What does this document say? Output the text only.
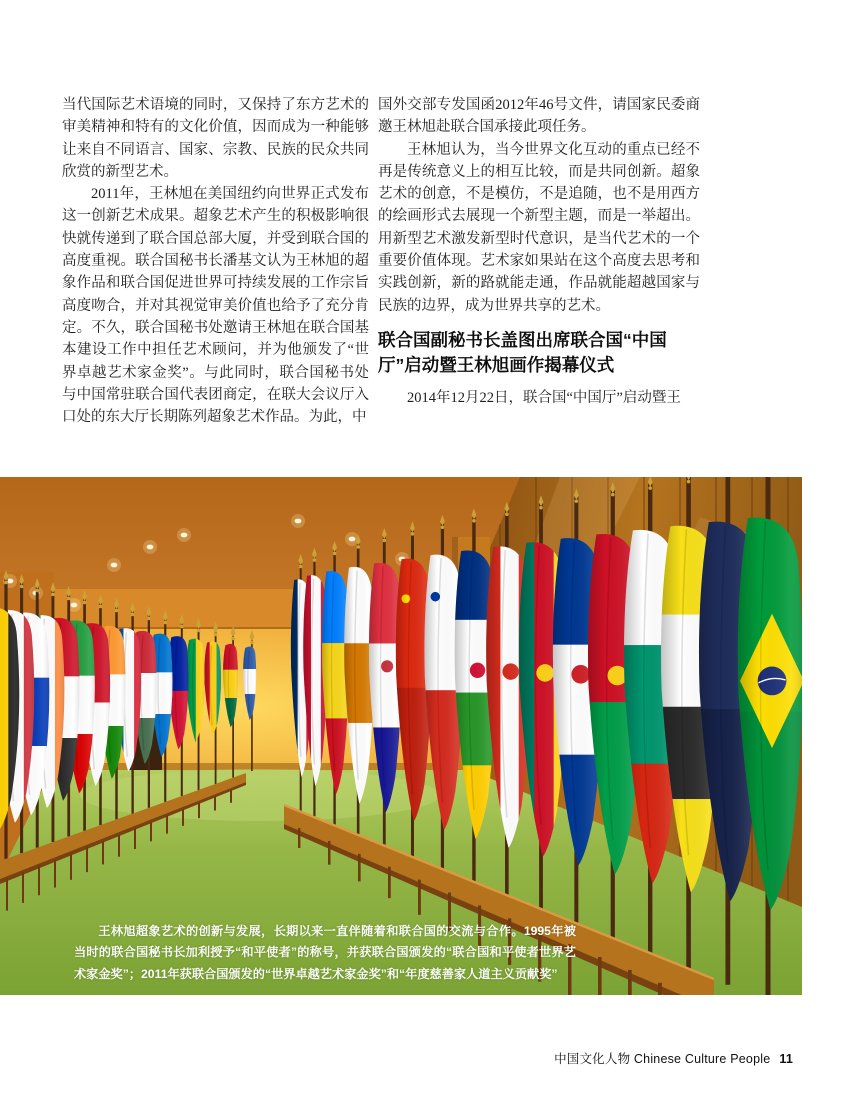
当代国际艺术语境的同时，又保持了东方艺术的审美精神和特有的文化价值，因而成为一种能够让来自不同语言、国家、宗教、民族的民众共同欣赏的新型艺术。

2011年，王林旭在美国纽约向世界正式发布这一创新艺术成果。超象艺术产生的积极影响很快就传递到了联合国总部大厦，并受到联合国的高度重视。联合国秘书长潘基文认为王林旭的超象作品和联合国促进世界可持续发展的工作宗旨高度吻合，并对其视觉审美价值也给予了充分肯定。不久，联合国秘书处邀请王林旭在联合国基本建设工作中担任艺术顾问，并为他颁发了“世界卓越艺术家金奖”。与此同时，联合国秘书处与中国常驻联合国代表团商定，在联大会议厅入口处的东大厅长期陈列超象艺术作品。为此，中

国外交部专发国函2012年46号文件，请国家民委商邀王林旭赴联合国承接此项任务。

王林旭认为，当今世界文化互动的重点已经不再是传统意义上的相互比较，而是共同创新。超象艺术的创意，不是模仿，不是追随，也不是用西方的绘画形式去展现一个新型主题，而是一举超出。用新型艺术激发新型时代意识，是当代艺术的一个重要价值体现。艺术家如果站在这个高度去思考和实践创新，新的路就能走通，作品就能超越国家与民族的边界，成为世界共享的艺术。

联合国副秘书长盖图出席联合国“中国厅”启动暨王林旭画作揭幕仪式

2014年12月22日，联合国“中国厅”启动暨王

王林旭超象艺术的创新与发展，长期以来一直伴随着和联合国的交流与合作。1995年被当时的联合国秘书长加利授予“和平使者”的称号，并获联合国颁发的“联合国和平使者世界艺术家金奖”；2011年获联合国颁发的“世界卓越艺术家金奖”和“年度慈善家人道主义贡献奖”
中国文化人物 Chinese Culture People 11
